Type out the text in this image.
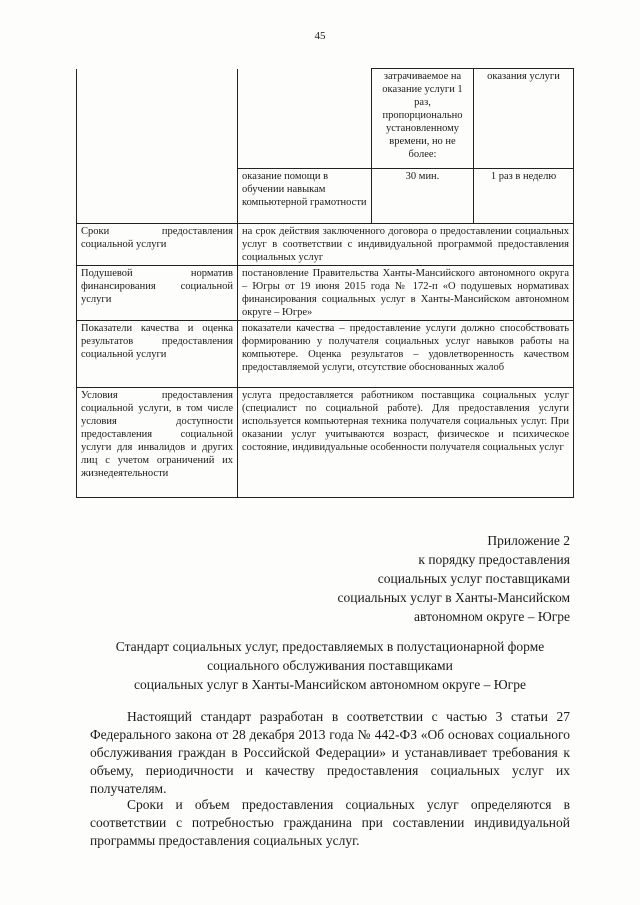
45
		затрачиваемое на оказание услуги 1 раз, пропорционально установленному времени, но не более:	оказания услуги
	оказание помощи в обучении навыкам компьютерной грамотности	30 мин.	1 раз в неделю
Сроки предоставления социальной услуги	на срок действия заключенного договора о предоставлении социальных услуг в соответствии с индивидуальной программой предоставления социальных услуг		
Подушевой норматив финансирования социальной услуги	постановление Правительства Ханты-Мансийского автономного округа – Югры от 19 июня 2015 года № 172-п «О подушевых нормативах финансирования социальных услуг в Ханты-Мансийском автономном округе – Югре»		
Показатели качества и оценка результатов предоставления социальной услуги	показатели качества – предоставление услуги должно способствовать формированию у получателя социальных услуг навыков работы на компьютере. Оценка результатов – удовлетворенность качеством предоставляемой услуги, отсутствие обоснованных жалоб		
Условия предоставления социальной услуги, в том числе условия доступности предоставления социальной услуги для инвалидов и других лиц с учетом ограничений их жизнедеятельности	услуга предоставляется работником поставщика социальных услуг (специалист по социальной работе). Для предоставления услуги используется компьютерная техника получателя социальных услуг. При оказании услуг учитываются возраст, физическое и психическое состояние, индивидуальные особенности получателя социальных услуг		
Приложение 2
к порядку предоставления
социальных услуг поставщиками
социальных услуг в Ханты-Мансийском
автономном округе – Югре
Стандарт социальных услуг, предоставляемых в полустационарной форме
социального обслуживания поставщиками
социальных услуг в Ханты-Мансийском автономном округе – Югре

Настоящий стандарт разработан в соответствии с частью 3 статьи 27 Федерального закона от 28 декабря 2013 года № 442-ФЗ «Об основах социального обслуживания граждан в Российской Федерации» и устанавливает требования к объему, периодичности и качеству предоставления социальных услуг их получателям.

Сроки и объем предоставления социальных услуг определяются в соответствии с потребностью гражданина при составлении индивидуальной программы предоставления социальных услуг.
